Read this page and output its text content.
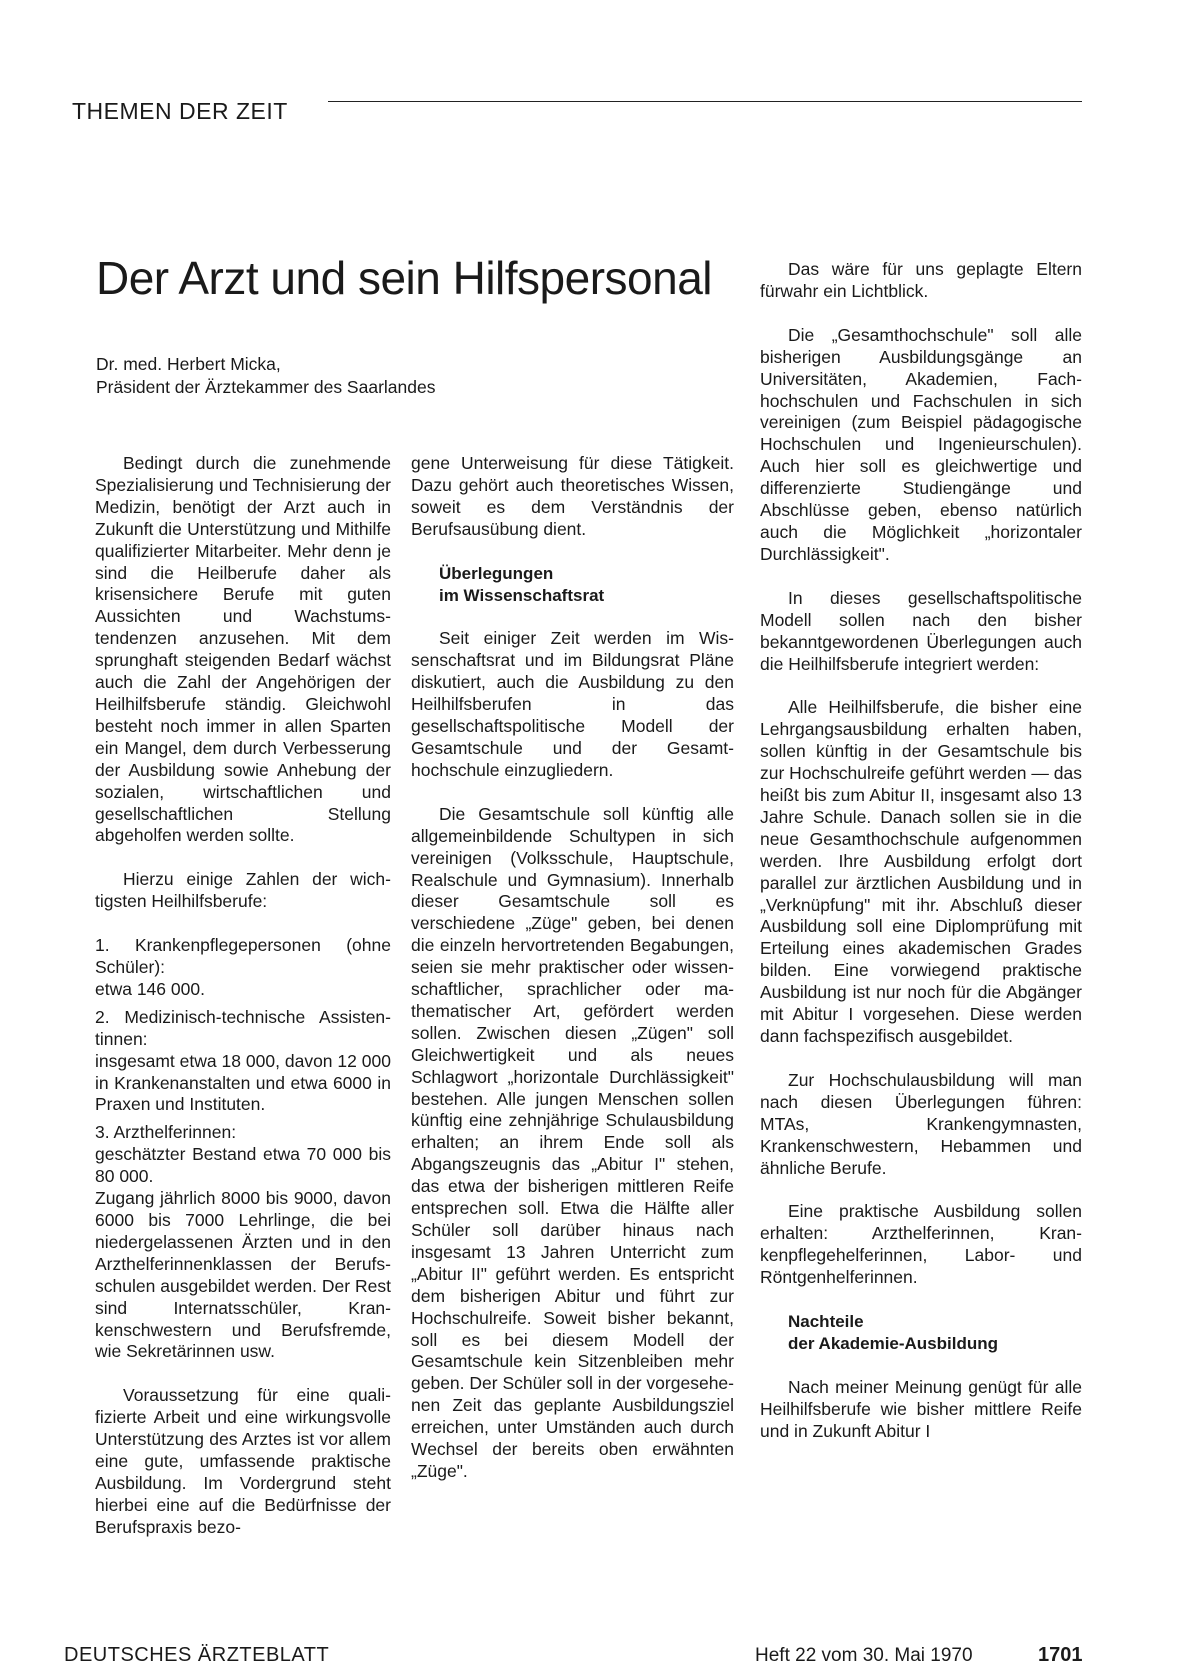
THEMEN DER ZEIT
Der Arzt und sein Hilfspersonal
Dr. med. Herbert Micka,
Präsident der Ärztekammer des Saarlandes

Bedingt durch die zunehmende Spezialisierung und Technisierung der Medizin, benötigt der Arzt auch in Zukunft die Unterstützung und Mithilfe qualifizierter Mitarbeiter. Mehr denn je sind die Heilberufe daher als krisensichere Berufe mit guten Aussichten und Wachstumstendenzen anzusehen. Mit dem sprunghaft steigenden Bedarf wächst auch die Zahl der Angehörigen der Heilhilfsberufe ständig. Gleichwohl besteht noch immer in allen Sparten ein Mangel, dem durch Verbesserung der Ausbildung sowie Anhebung der sozialen, wirtschaftlichen und gesellschaftlichen Stellung abgeholfen werden sollte.

Hierzu einige Zahlen der wichtigsten Heilhilfsberufe:

1. Krankenpflegepersonen (ohne Schüler):
etwa 146 000.

2. Medizinisch-technische Assistentinnen:
insgesamt etwa 18 000, davon 12 000 in Krankenanstalten und etwa 6000 in Praxen und Instituten.

3. Arzthelferinnen:
geschätzter Bestand etwa 70 000 bis 80 000.
Zugang jährlich 8000 bis 9000, davon 6000 bis 7000 Lehrlinge, die bei niedergelassenen Ärzten und in den Arzthelferinnenklassen der Berufsschulen ausgebildet werden. Der Rest sind Internatsschüler, Krankenschwestern und Berufsfremde, wie Sekretärinnen usw.

Voraussetzung für eine qualifizierte Arbeit und eine wirkungsvolle Unterstützung des Arztes ist vor allem eine gute, umfassende praktische Ausbildung. Im Vordergrund steht hierbei eine auf die Bedürfnisse der Berufspraxis bezo-

gene Unterweisung für diese Tätigkeit. Dazu gehört auch theoretisches Wissen, soweit es dem Verständnis der Berufsausübung dient.

Überlegungen
im Wissenschaftsrat

Seit einiger Zeit werden im Wissenschaftsrat und im Bildungsrat Pläne diskutiert, auch die Ausbildung zu den Heilhilfsberufen in das gesellschaftspolitische Modell der Gesamtschule und der Gesamthochschule einzugliedern.

Die Gesamtschule soll künftig alle allgemeinbildende Schultypen in sich vereinigen (Volksschule, Hauptschule, Realschule und Gymnasium). Innerhalb dieser Gesamtschule soll es verschiedene „Züge" geben, bei denen die einzeln hervortretenden Begabungen, seien sie mehr praktischer oder wissenschaftlicher, sprachlicher oder mathematischer Art, gefördert werden sollen. Zwischen diesen „Zügen" soll Gleichwertigkeit und als neues Schlagwort „horizontale Durchlässigkeit" bestehen. Alle jungen Menschen sollen künftig eine zehnjährige Schulausbildung erhalten; an ihrem Ende soll als Abgangszeugnis das „Abitur I" stehen, das etwa der bisherigen mittleren Reife entsprechen soll. Etwa die Hälfte aller Schüler soll darüber hinaus nach insgesamt 13 Jahren Unterricht zum „Abitur II" geführt werden. Es entspricht dem bisherigen Abitur und führt zur Hochschulreife. Soweit bisher bekannt, soll es bei diesem Modell der Gesamtschule kein Sitzenbleiben mehr geben. Der Schüler soll in der vorgesehenen Zeit das geplante Ausbildungsziel erreichen, unter Umständen auch durch Wechsel der bereits oben erwähnten „Züge".

Das wäre für uns geplagte Eltern fürwahr ein Lichtblick.

Die „Gesamthochschule" soll alle bisherigen Ausbildungsgänge an Universitäten, Akademien, Fachhochschulen und Fachschulen in sich vereinigen (zum Beispiel pädagogische Hochschulen und Ingenieurschulen). Auch hier soll es gleichwertige und differenzierte Studiengänge und Abschlüsse geben, ebenso natürlich auch die Möglichkeit „horizontaler Durchlässigkeit".

In dieses gesellschaftspolitische Modell sollen nach den bisher bekanntgewordenen Überlegungen auch die Heilhilfsberufe integriert werden:

Alle Heilhilfsberufe, die bisher eine Lehrgangsausbildung erhalten haben, sollen künftig in der Gesamtschule bis zur Hochschulreife geführt werden — das heißt bis zum Abitur II, insgesamt also 13 Jahre Schule. Danach sollen sie in die neue Gesamthochschule aufgenommen werden. Ihre Ausbildung erfolgt dort parallel zur ärztlichen Ausbildung und in „Verknüpfung" mit ihr. Abschluß dieser Ausbildung soll eine Diplomprüfung mit Erteilung eines akademischen Grades bilden. Eine vorwiegend praktische Ausbildung ist nur noch für die Abgänger mit Abitur I vorgesehen. Diese werden dann fachspezifisch ausgebildet.

Zur Hochschulausbildung will man nach diesen Überlegungen führen: MTAs, Krankengymnasten, Krankenschwestern, Hebammen und ähnliche Berufe.

Eine praktische Ausbildung sollen erhalten: Arzthelferinnen, Krankenpflegehelferinnen, Labor- und Röntgenhelferinnen.

Nachteile
der Akademie-Ausbildung

Nach meiner Meinung genügt für alle Heilhilfsberufe wie bisher mittlere Reife und in Zukunft Abitur I

DEUTSCHES ÄRZTEBLATT	Heft 22 vom 30. Mai 1970	1701
